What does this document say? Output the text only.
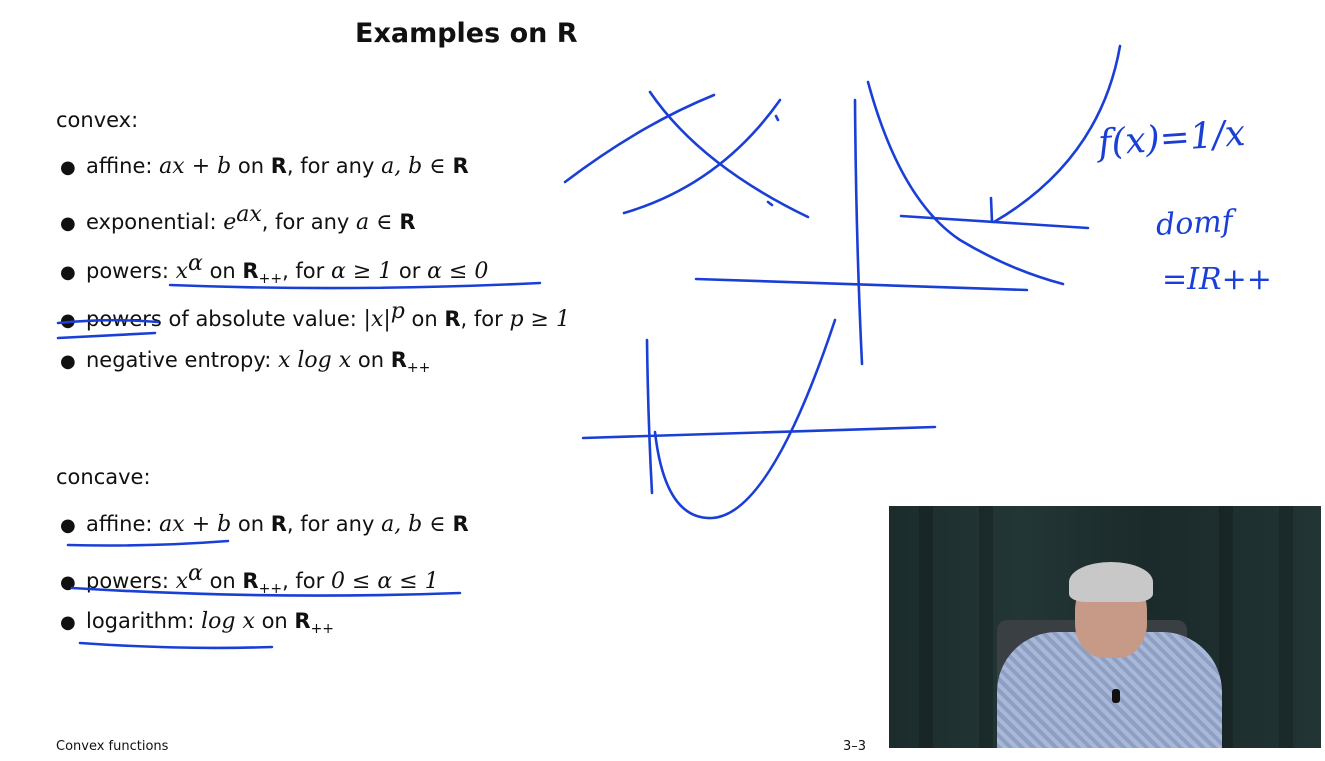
Examples on R
convex:
● affine: ax + b on R, for any a, b ∈ R
● exponential: $e^{ax}$, for any a ∈ R
● powers: $x^\alpha$ on $R_{++}$, for α ≥ 1 or α ≤ 0
● powers of absolute value: $|x|^p$ on R, for p ≥ 1
● negative entropy: x log x on $R_{++}$
concave:
● affine: ax + b on R, for any a, b ∈ R
● powers: $x^\alpha$ on $R_{++}$, for 0 ≤ α ≤ 1
● logarithm: log x on $R_{++}$
Convex functions	3–3
f(x)=1/x
domf
=IR++
